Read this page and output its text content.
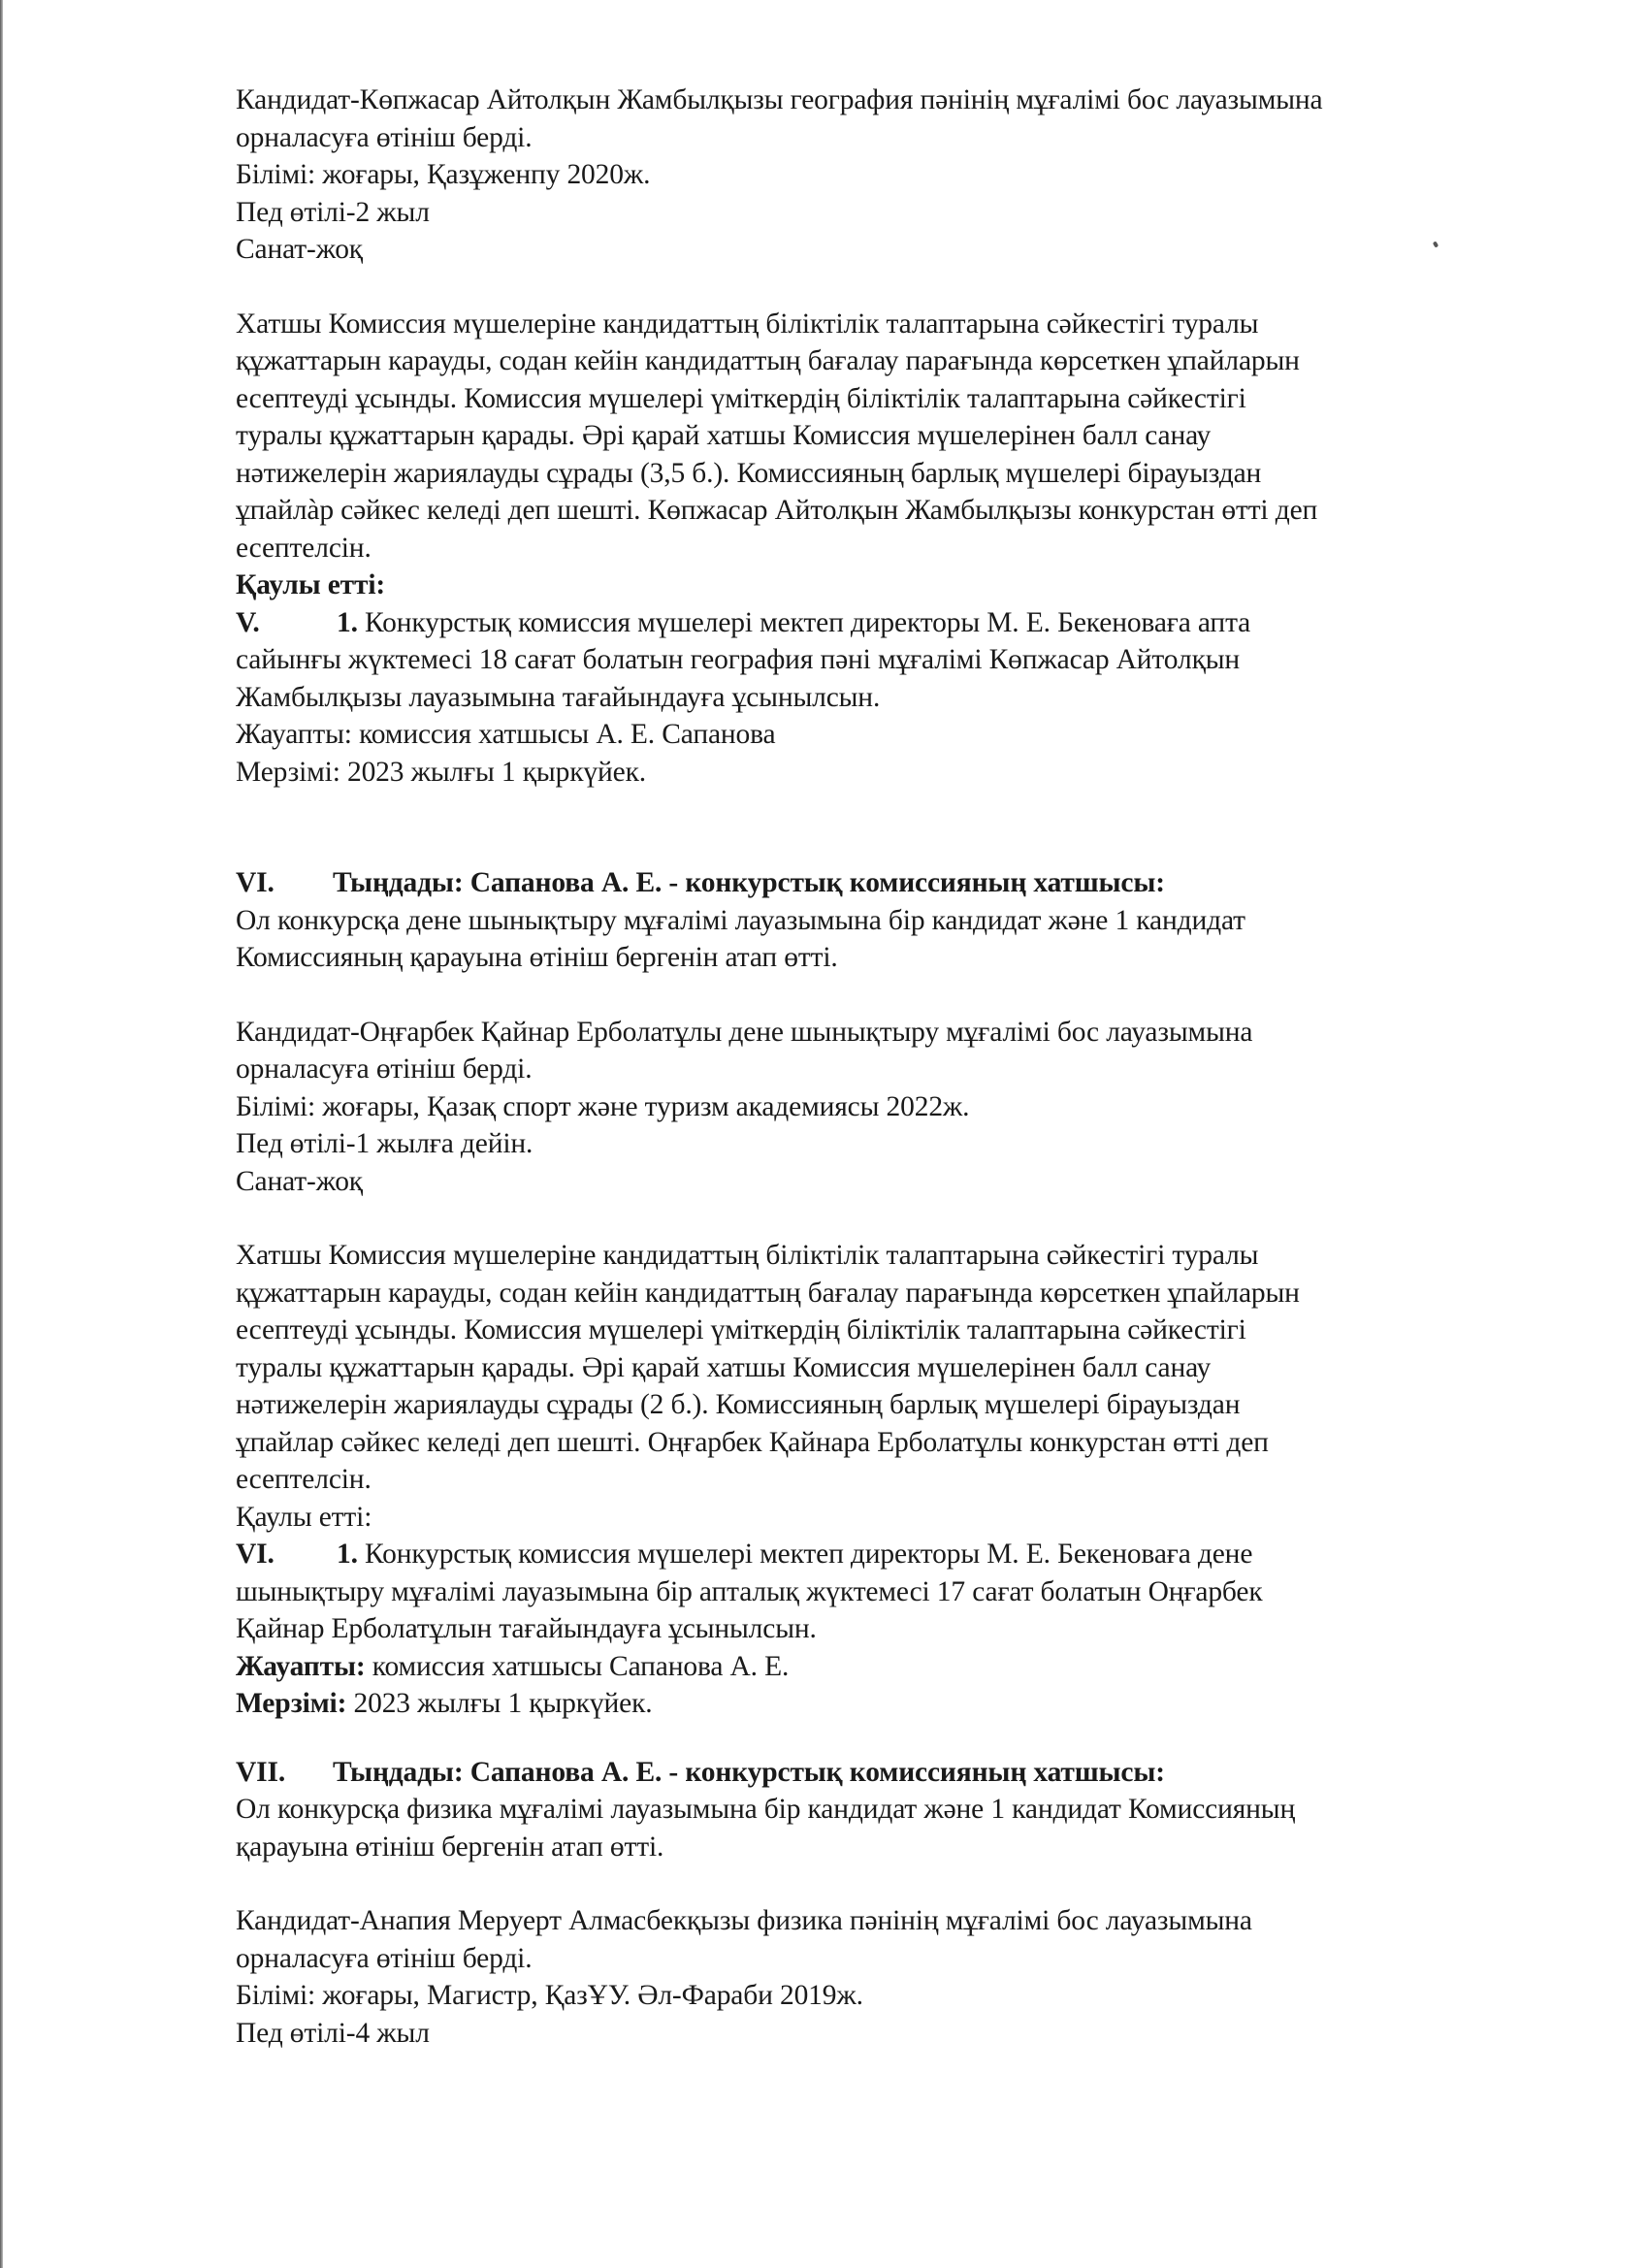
Кандидат-Көпжасар Айтолқын Жамбылқызы география пәнінің мұғалімі бос лауазымына
орналасуға өтініш берді.
Білімі: жоғары, Қазұженпу 2020ж.
Пед өтілі-2 жыл
Санат-жоқ
Хатшы Комиссия мүшелеріне кандидаттың біліктілік талаптарына сәйкестігі туралы
құжаттарын карауды, содан кейін кандидаттың бағалау парағында көрсеткен ұпайларын
есептеуді ұсынды. Комиссия мүшелері үміткердің біліктілік талаптарына сәйкестігі
туралы құжаттарын қарады. Әрі қарай хатшы Комиссия мүшелерінен балл санау
нәтижелерін жариялауды сұрады (3,5 б.). Комиссияның барлық мүшелері бірауыздан
ұпайлàр сәйкес келеді деп шешті. Көпжасар Айтолқын Жамбылқызы конкурстан өтті деп
есептелсін.
Қаулы етті:
V.	1. Конкурстық комиссия мүшелері мектеп директоры М. Е. Бекеноваға апта
сайынғы жүктемесі 18 сағат болатын география пәні мұғалімі Көпжасар Айтолқын
Жамбылқызы лауазымына тағайындауға ұсынылсын.
Жауапты: комиссия хатшысы А. Е. Сапанова
Мерзімі: 2023 жылғы 1 қыркүйек.
VI. Тыңдады: Сапанова А. Е. - конкурстық комиссияның хатшысы:
Ол конкурсқа дене шынықтыру мұғалімі лауазымына бір кандидат және 1 кандидат
Комиссияның қарауына өтініш бергенін атап өтті.
Кандидат-Оңғарбек Қайнар Ерболатұлы дене шынықтыру мұғалімі бос лауазымына
орналасуға өтініш берді.
Білімі: жоғары, Қазақ спорт және туризм академиясы 2022ж.
Пед өтілі-1 жылға дейін.
Санат-жоқ
Хатшы Комиссия мүшелеріне кандидаттың біліктілік талаптарына сәйкестігі туралы
құжаттарын карауды, содан кейін кандидаттың бағалау парағында көрсеткен ұпайларын
есептеуді ұсынды. Комиссия мүшелері үміткердің біліктілік талаптарына сәйкестігі
туралы құжаттарын қарады. Әрі қарай хатшы Комиссия мүшелерінен балл санау
нәтижелерін жариялауды сұрады (2 б.). Комиссияның барлық мүшелері бірауыздан
ұпайлар сәйкес келеді деп шешті. Оңғарбек Қайнара Ерболатұлы конкурстан өтті деп
есептелсін.
Қаулы етті:
VI. 1. Конкурстық комиссия мүшелері мектеп директоры М. Е. Бекеноваға дене
шынықтыру мұғалімі лауазымына бір апталық жүктемесі 17 сағат болатын Оңғарбек
Қайнар Ерболатұлын тағайындауға ұсынылсын.
Жауапты: комиссия хатшысы Сапанова А. Е.
Мерзімі: 2023 жылғы 1 қыркүйек.
VII. Тыңдады: Сапанова А. Е. - конкурстық комиссияның хатшысы:
Ол конкурсқа физика мұғалімі лауазымына бір кандидат және 1 кандидат Комиссияның
қарауына өтініш бергенін атап өтті.
Кандидат-Анапия Меруерт Алмасбекқызы физика пәнінің мұғалімі бос лауазымына
орналасуға өтініш берді.
Білімі: жоғары, Магистр, ҚазҰУ. Әл-Фараби 2019ж.
Пед өтілі-4 жыл
